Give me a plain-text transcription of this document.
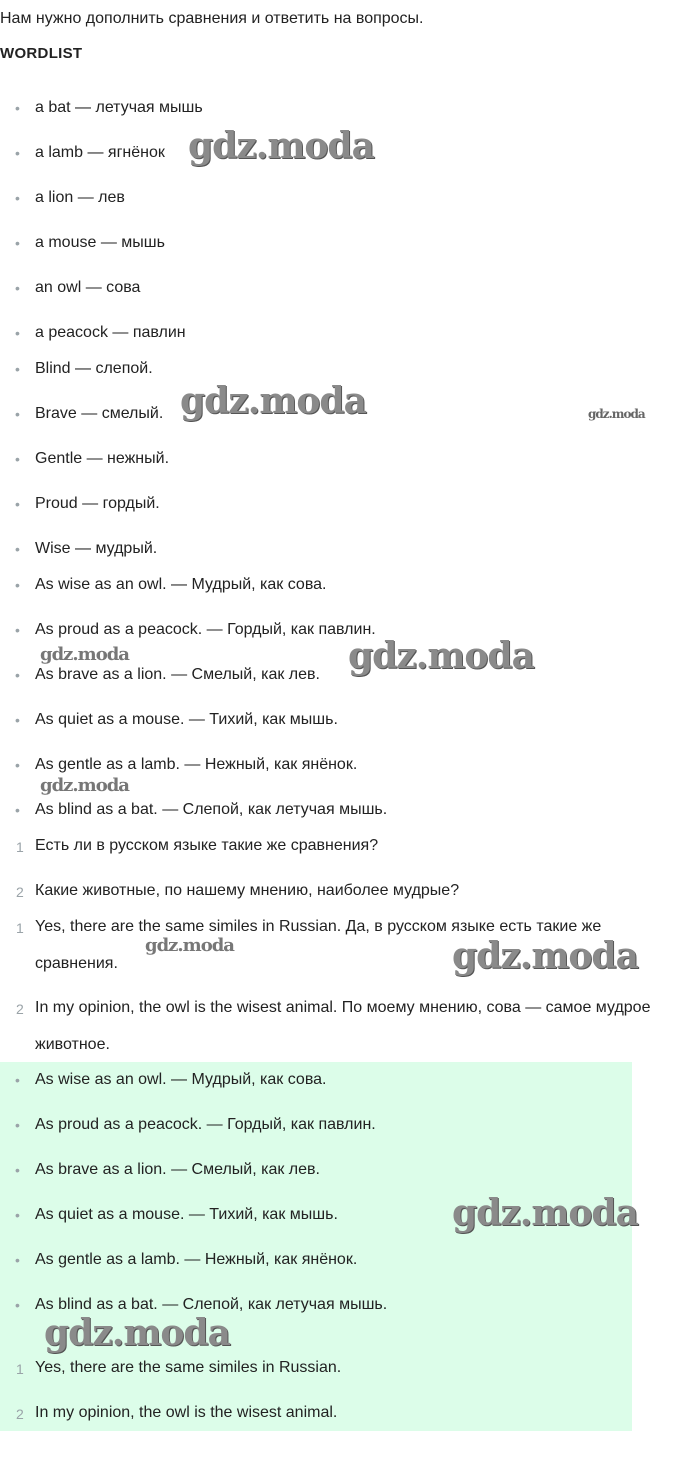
Нам нужно дополнить сравнения и ответить на вопросы.

WORDLIST
• a bat — летучая мышь
• a lamb — ягнёнок
• a lion — лев
• a mouse — мышь
• an owl — сова
• a peacock — павлин
• Blind — слепой.
• Brave — смелый.
• Gentle — нежный.
• Proud — гордый.
• Wise — мудрый.
• As wise as an owl. — Мудрый, как сова.
• As proud as a peacock. — Гордый, как павлин.
• As brave as a lion. — Смелый, как лев.
• As quiet as a mouse. — Тихий, как мышь.
• As gentle as a lamb. — Нежный, как янёнок.
• As blind as a bat. — Слепой, как летучая мышь.
1 Есть ли в русском языке такие же сравнения?
2 Какие животные, по нашему мнению, наиболее мудрые?
1 Yes, there are the same similes in Russian. Да, в русском языке есть такие же сравнения.
2 In my opinion, the owl is the wisest animal. По моему мнению, сова — самое мудрое животное.
• As wise as an owl. — Мудрый, как сова.
• As proud as a peacock. — Гордый, как павлин.
• As brave as a lion. — Смелый, как лев.
• As quiet as a mouse. — Тихий, как мышь.
• As gentle as a lamb. — Нежный, как янёнок.
• As blind as a bat. — Слепой, как летучая мышь.
1 Yes, there are the same similes in Russian.
2 In my opinion, the owl is the wisest animal.
gdz.moda
gdz.moda	gdz.moda
gdz.moda	gdz.moda
gdz.moda
gdz.moda	gdz.moda
gdz.moda
gdz.moda
